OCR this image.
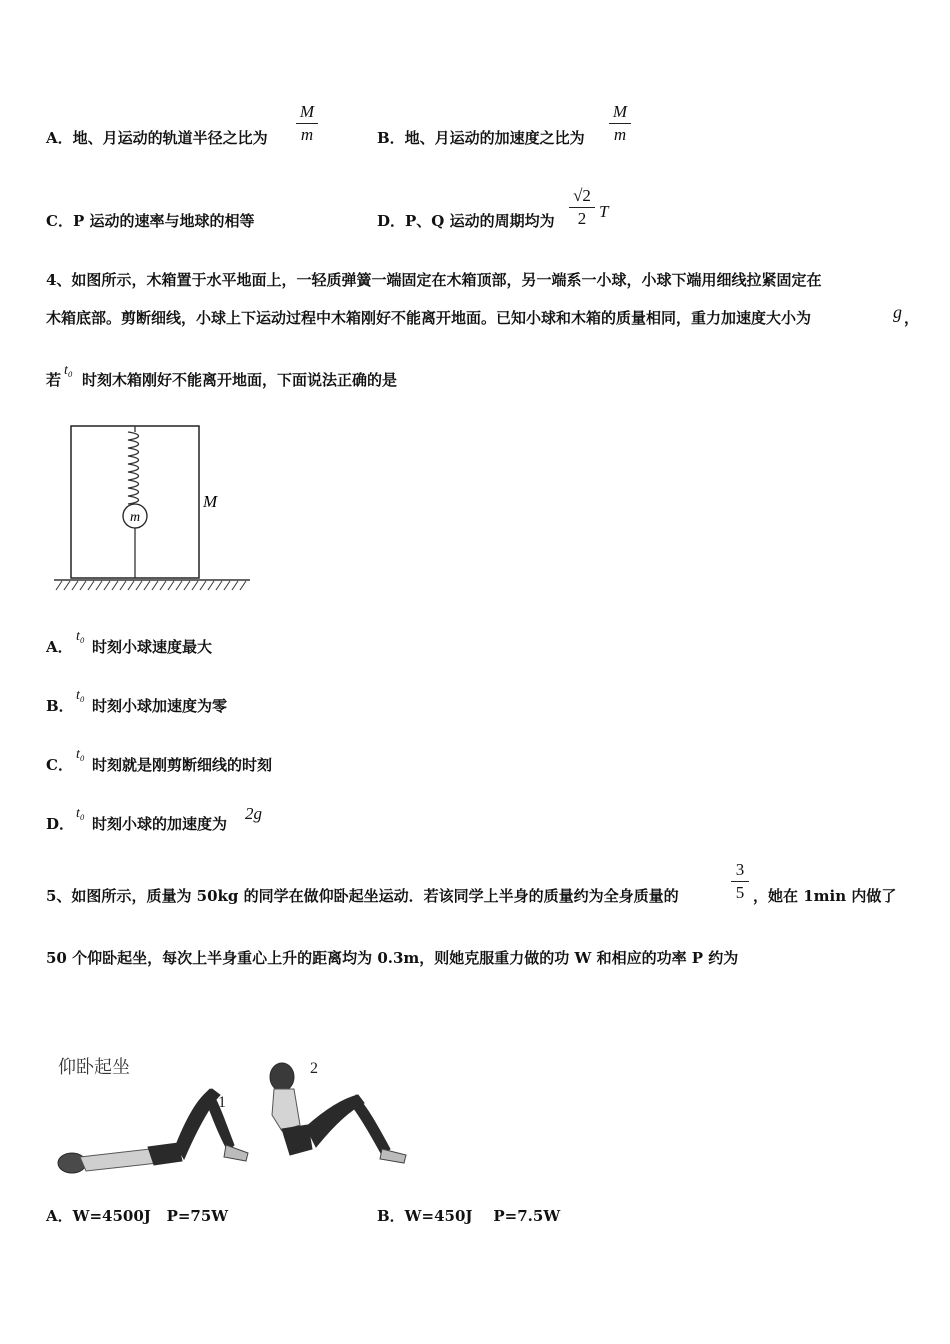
A．地、月运动的轨道半径之比为
M
m	B．地、月运动的加速度之比为
M
m
C．P 运动的速率与地球的相等	D．P、Q 运动的周期均为
√2
2 T
4、如图所示，木箱置于水平地面上，一轻质弹簧一端固定在木箱顶部，另一端系一小球，小球下端用细线拉紧固定在
木箱底部。剪断细线，小球上下运动过程中木箱刚好不能离开地面。已知小球和木箱的质量相同，重力加速度大小为	g ，
若
t₀
时刻木箱刚好不能离开地面，下面说法正确的是
m
M
A．
t₀
时刻小球速度最大
B．
t₀
时刻小球加速度为零
C．
t₀
时刻就是刚剪断细线的时刻
D．
t₀
时刻小球的加速度为
2g
5、如图所示，质量为 50kg 的同学在做仰卧起坐运动．若该同学上半身的质量约为全身质量的
3
5 ，她在 1min 内做了
50 个仰卧起坐，每次上半身重心上升的距离均为 0.3m，则她克服重力做的功 W 和相应的功率 P 约为
仰卧起坐
1
2
A．W=4500J   P=75W	B．W=450J    P=7.5W
